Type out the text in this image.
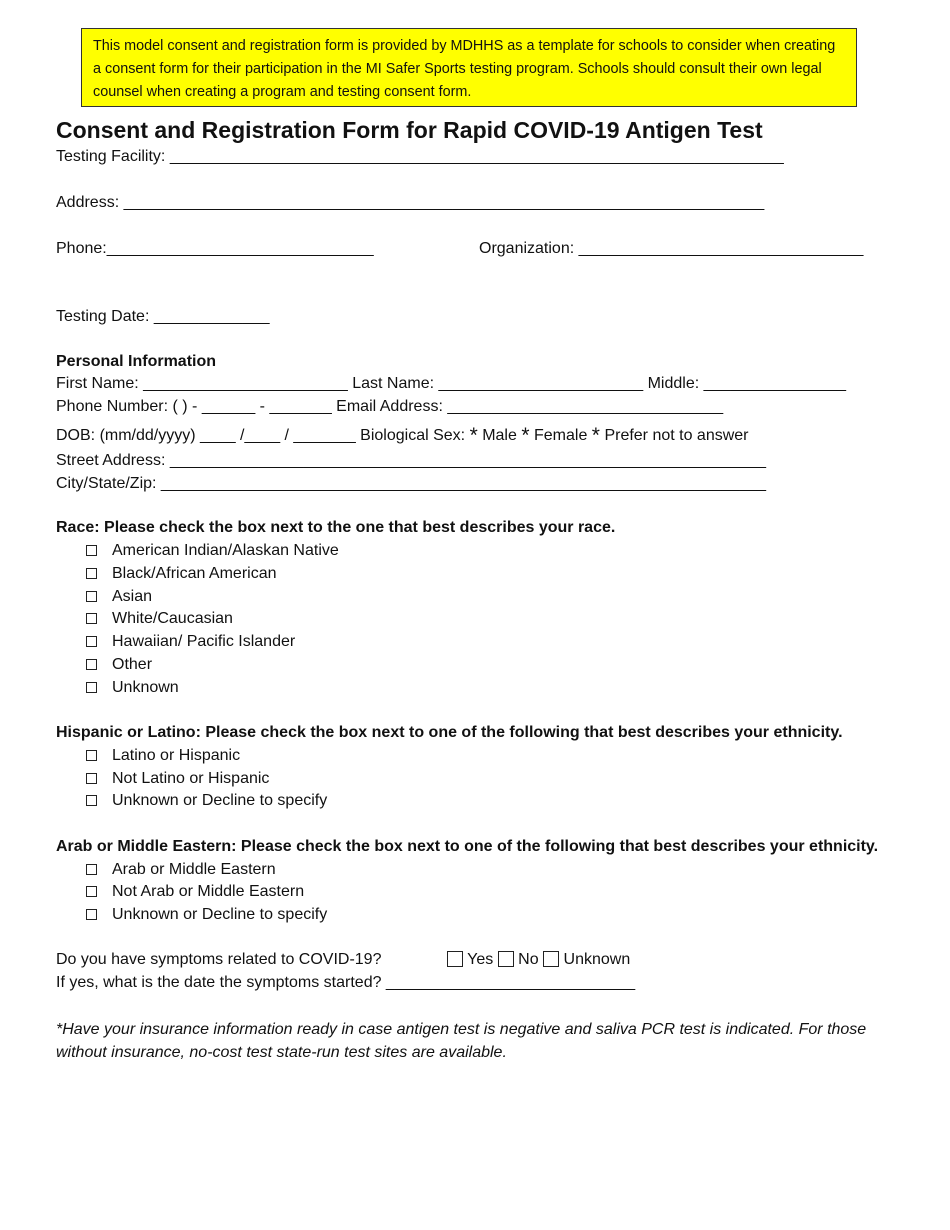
This model consent and registration form is provided by MDHHS as a template for schools to consider when creating a consent form for their participation in the MI Safer Sports testing program. Schools should consult their own legal counsel when creating a program and testing consent form.
Consent and Registration Form for Rapid COVID-19 Antigen Test
Testing Facility: _____________________________________________________________________
Address: ________________________________________________________________________
Phone:______________________________	Organization: ________________________________
Testing Date: _____________
Personal Information
First Name: _______________________ Last Name: _______________________ Middle: ________________
Phone Number: ( ) - ______ - _______ Email Address: _______________________________
DOB: (mm/dd/yyyy) ____ /____ / _______ Biological Sex: * Male * Female * Prefer not to answer
Street Address: ___________________________________________________________________
City/State/Zip: ____________________________________________________________________
Race: Please check the box next to the one that best describes your race.
American Indian/Alaskan Native
Black/African American
Asian
White/Caucasian
Hawaiian/ Pacific Islander
Other
Unknown
Hispanic or Latino: Please check the box next to one of the following that best describes your ethnicity.
Latino or Hispanic
Not Latino or Hispanic
Unknown or Decline to specify
Arab or Middle Eastern: Please check the box next to one of the following that best describes your ethnicity.
Arab or Middle Eastern
Not Arab or Middle Eastern
Unknown or Decline to specify
Do you have symptoms related to COVID-19?	Yes No Unknown
If yes, what is the date the symptoms started? ____________________________
*Have your insurance information ready in case antigen test is negative and saliva PCR test is indicated. For those without insurance, no-cost test state-run test sites are available.
